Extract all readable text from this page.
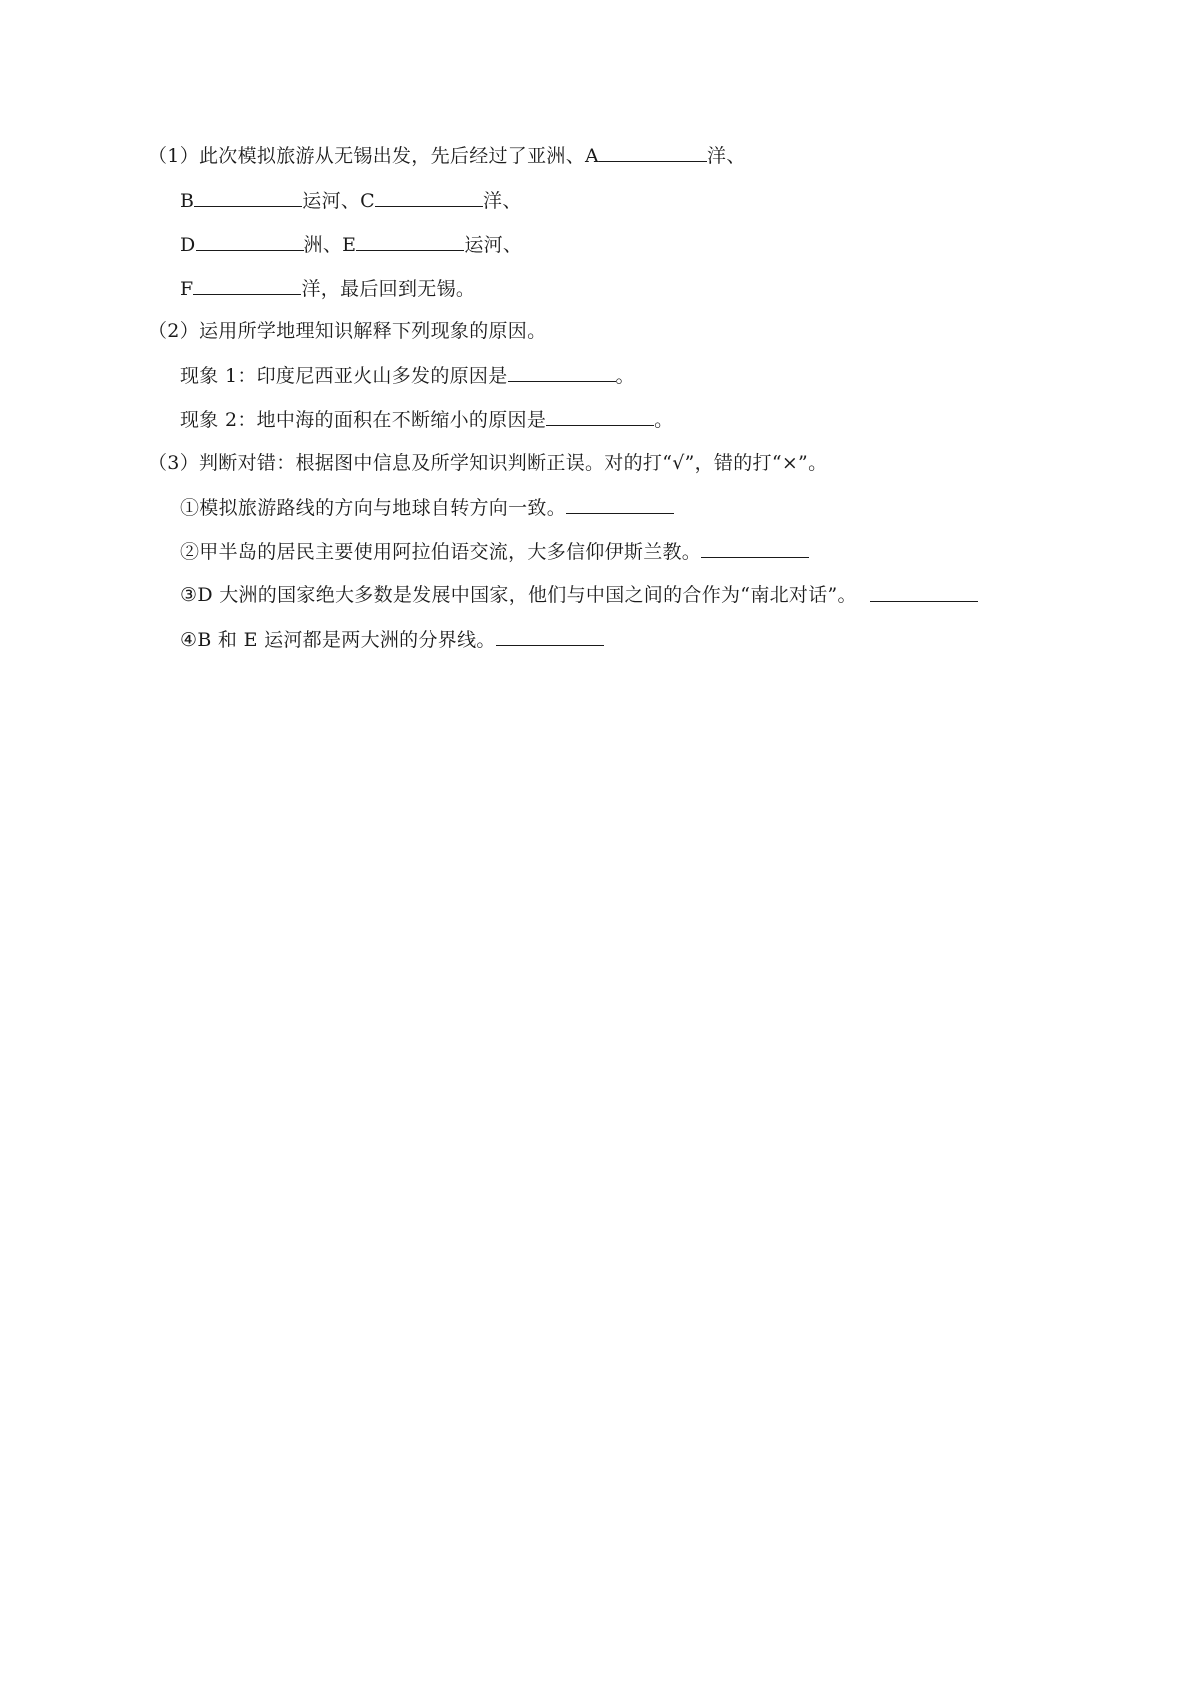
（1）此次模拟旅游从无锡出发，先后经过了亚洲、A	洋、
B	运河、C	洋、
D	洲、E	运河、
F	洋，最后回到无锡。
（2）运用所学地理知识解释下列现象的原因。
现象 1：印度尼西亚火山多发的原因是	。
现象 2：地中海的面积在不断缩小的原因是	。
（3）判断对错：根据图中信息及所学知识判断正误。对的打“√”，错的打“×”。
①模拟旅游路线的方向与地球自转方向一致。
②甲半岛的居民主要使用阿拉伯语交流，大多信仰伊斯兰教。
③D 大洲的国家绝大多数是发展中国家，他们与中国之间的合作为“南北对话”。
④B 和 E 运河都是两大洲的分界线。
